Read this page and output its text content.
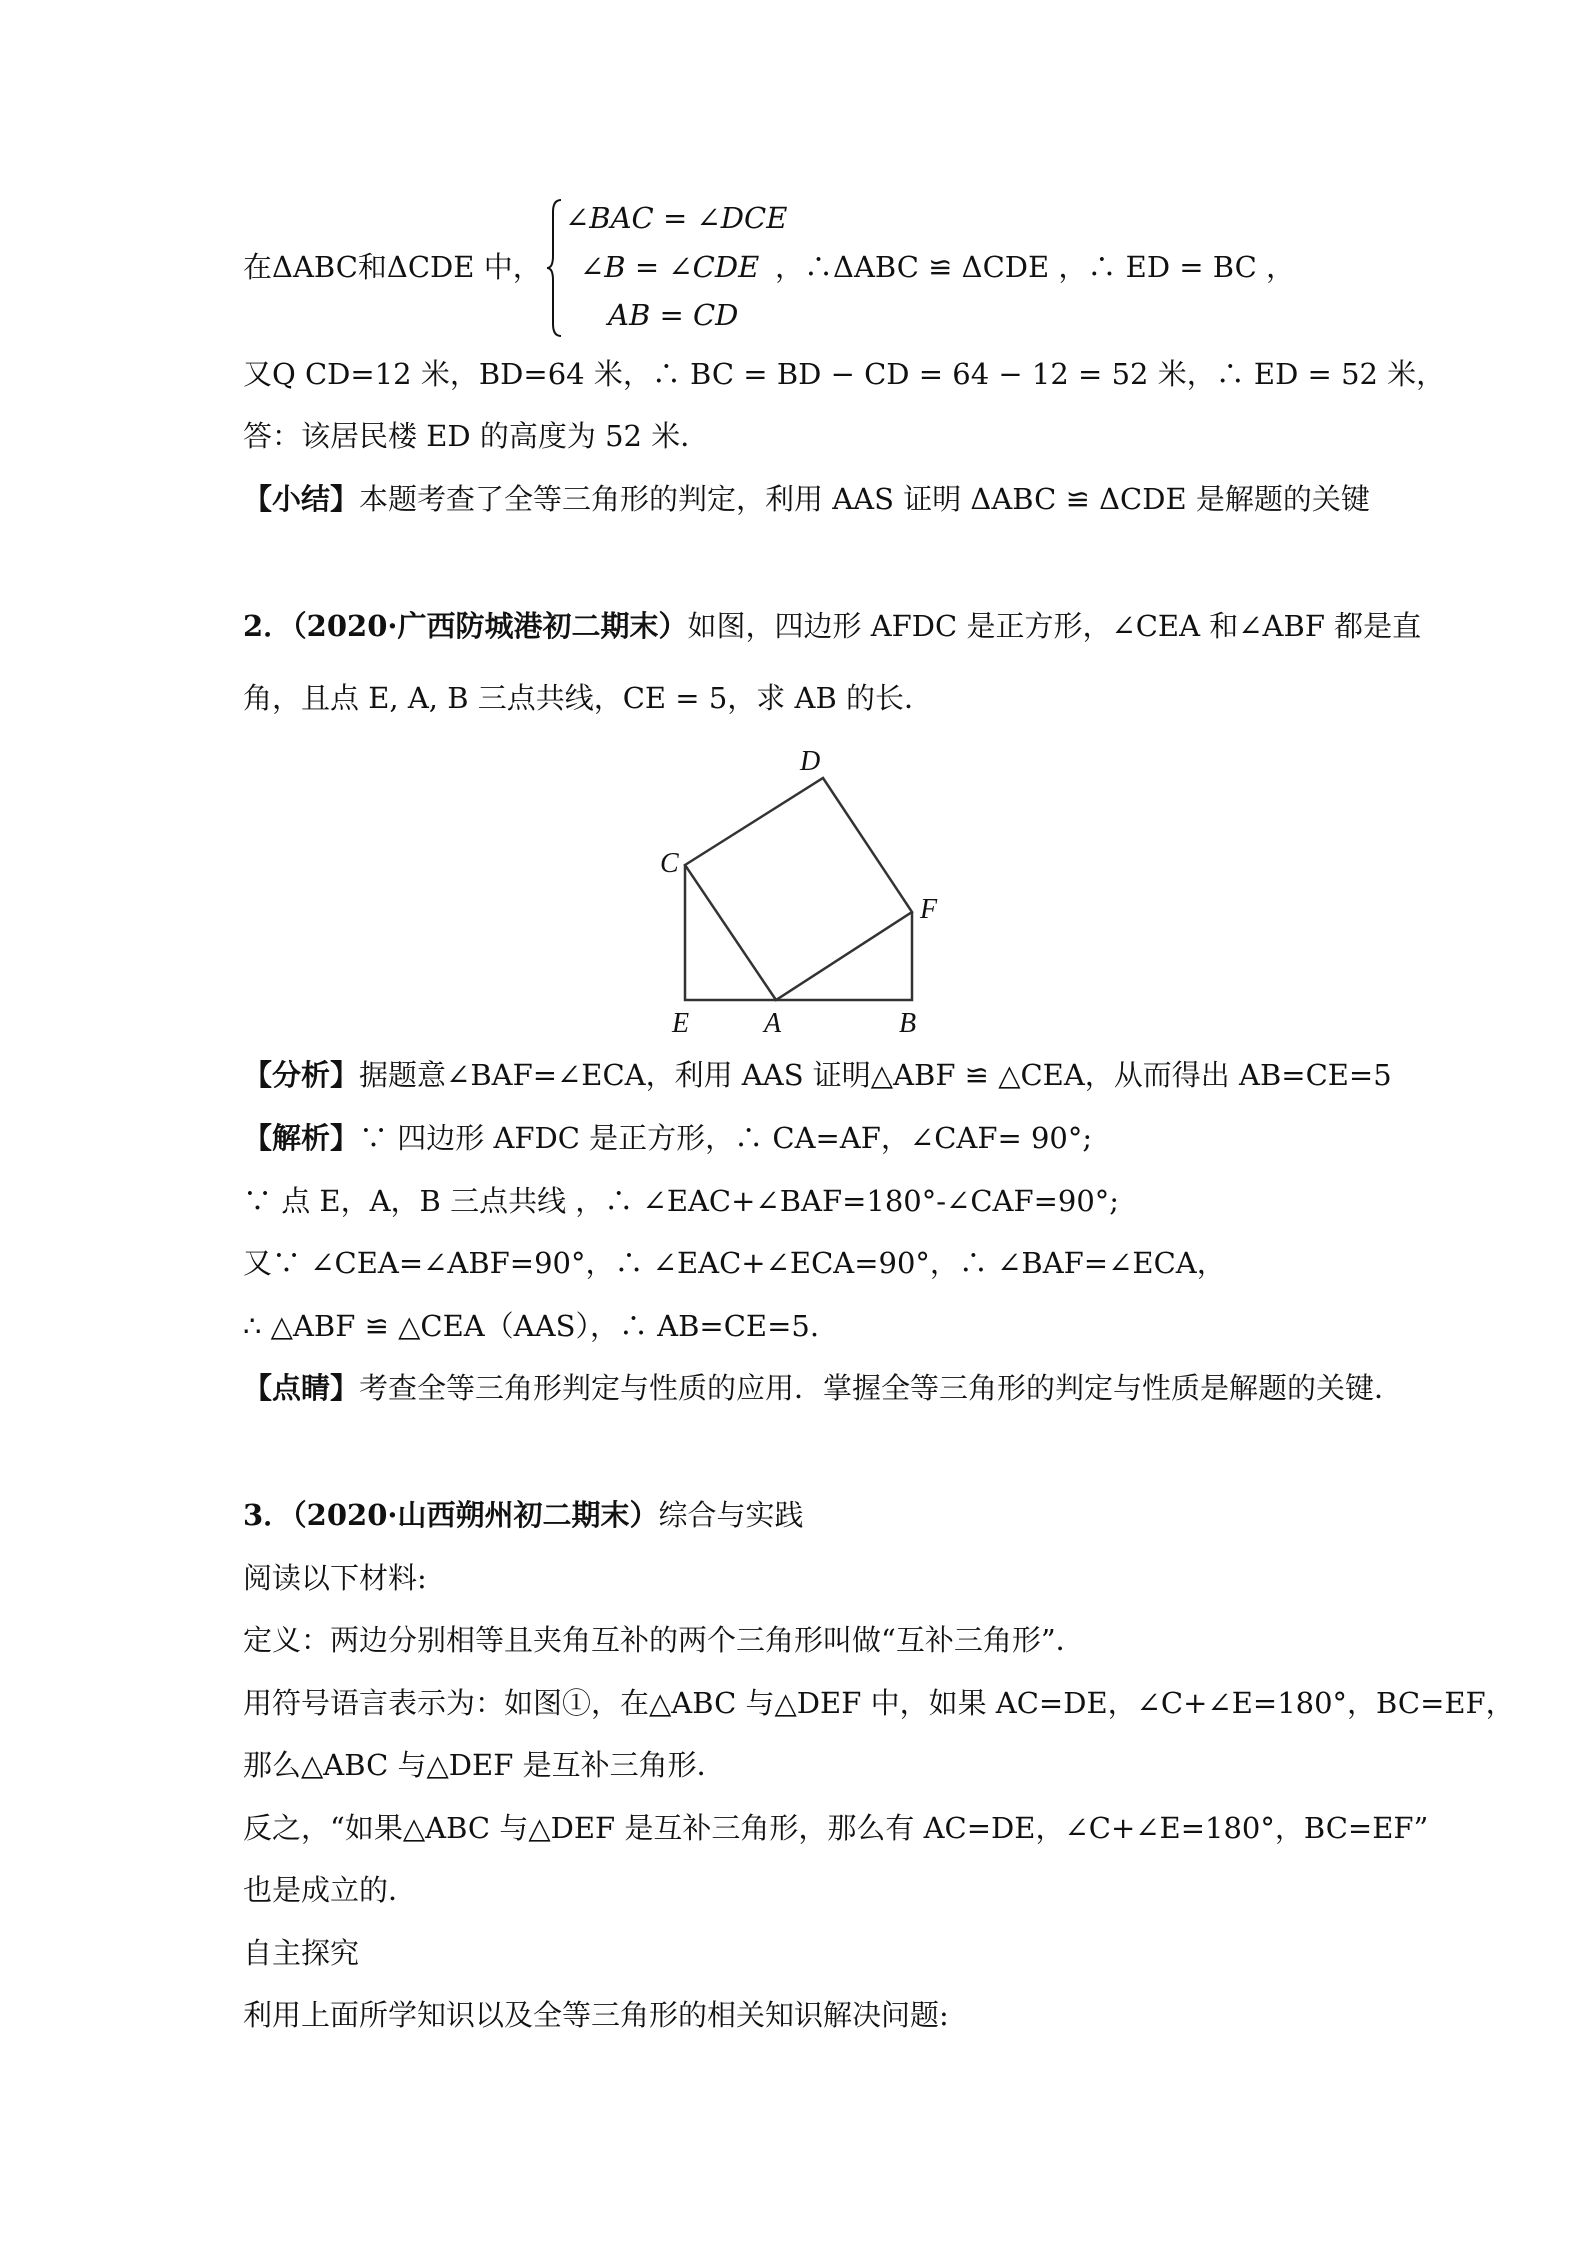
在ΔABC和ΔCDE 中，
∠BAC = ∠DCE
∠B = ∠CDE
AB = CD
，∴ΔABC ≌ ΔCDE ，∴ ED = BC ，
又Q CD=12 米，BD=64 米，∴ BC = BD − CD = 64 − 12 = 52 米，∴ ED = 52 米，
答：该居民楼 ED 的高度为 52 米．
【小结】本题考查了全等三角形的判定，利用 AAS 证明 ΔABC ≌ ΔCDE 是解题的关键
2．（2020·广西防城港初二期末）如图，四边形 AFDC 是正方形，∠CEA 和∠ABF 都是直
角，且点 E, A, B 三点共线，CE = 5，求 AB 的长．
D
C
F
E	A	B
【分析】据题意∠BAF=∠ECA，利用 AAS 证明△ABF ≌ △CEA，从而得出 AB=CE=5
【解析】∵ 四边形 AFDC 是正方形，∴ CA=AF，∠CAF= 90°;
∵ 点 E，A，B 三点共线 ，∴ ∠EAC+∠BAF=180°-∠CAF=90°;
又∵ ∠CEA=∠ABF=90°，∴ ∠EAC+∠ECA=90°，∴ ∠BAF=∠ECA，
∴ △ABF ≌ △CEA（AAS），∴ AB=CE=5.
【点睛】考查全等三角形判定与性质的应用．掌握全等三角形的判定与性质是解题的关键．
3．（2020·山西朔州初二期末）综合与实践
阅读以下材料:
定义：两边分别相等且夹角互补的两个三角形叫做“互补三角形”．
用符号语言表示为：如图①，在△ABC 与△DEF 中，如果 AC=DE，∠C+∠E=180°，BC=EF，
那么△ABC 与△DEF 是互补三角形．
反之，“如果△ABC 与△DEF 是互补三角形，那么有 AC=DE，∠C+∠E=180°，BC=EF”
也是成立的．
自主探究
利用上面所学知识以及全等三角形的相关知识解决问题:
